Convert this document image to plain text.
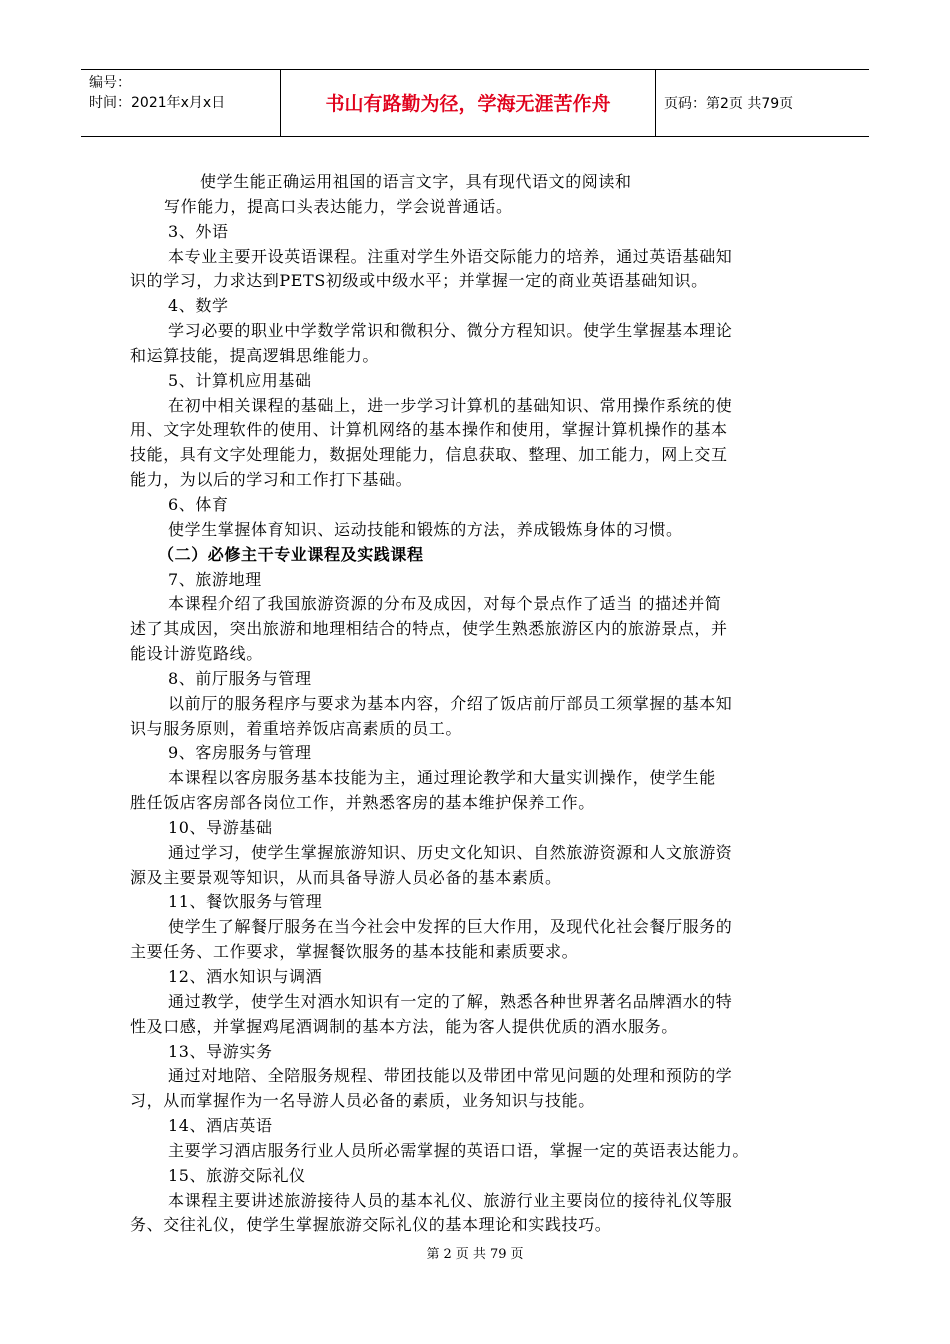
编号：
时间：2021年x月x日	书山有路勤为径，学海无涯苦作舟	页码：第2页 共79页

使学生能正确运用祖国的语言文字，具有现代语文的阅读和

写作能力，提高口头表达能力，学会说普通话。

3、外语

本专业主要开设英语课程。注重对学生外语交际能力的培养，通过英语基础知

识的学习，力求达到PETS初级或中级水平；并掌握一定的商业英语基础知识。

4、数学

学习必要的职业中学数学常识和微积分、微分方程知识。使学生掌握基本理论

和运算技能，提高逻辑思维能力。

5、计算机应用基础

在初中相关课程的基础上，进一步学习计算机的基础知识、常用操作系统的使

用、文字处理软件的使用、计算机网络的基本操作和使用，掌握计算机操作的基本

技能，具有文字处理能力，数据处理能力，信息获取、整理、加工能力，网上交互

能力，为以后的学习和工作打下基础。

6、体育

使学生掌握体育知识、运动技能和锻炼的方法，养成锻炼身体的习惯。

（二）必修主干专业课程及实践课程

7、旅游地理

本课程介绍了我国旅游资源的分布及成因，对每个景点作了适当 的描述并简

述了其成因，突出旅游和地理相结合的特点，使学生熟悉旅游区内的旅游景点，并

能设计游览路线。

8、前厅服务与管理

以前厅的服务程序与要求为基本内容，介绍了饭店前厅部员工须掌握的基本知

识与服务原则，着重培养饭店高素质的员工。

9、客房服务与管理

本课程以客房服务基本技能为主，通过理论教学和大量实训操作，使学生能

胜任饭店客房部各岗位工作，并熟悉客房的基本维护保养工作。

10、导游基础

通过学习，使学生掌握旅游知识、历史文化知识、自然旅游资源和人文旅游资

源及主要景观等知识，从而具备导游人员必备的基本素质。

11、餐饮服务与管理

使学生了解餐厅服务在当今社会中发挥的巨大作用，及现代化社会餐厅服务的

主要任务、工作要求，掌握餐饮服务的基本技能和素质要求。

12、酒水知识与调酒

通过教学，使学生对酒水知识有一定的了解，熟悉各种世界著名品牌酒水的特

性及口感，并掌握鸡尾酒调制的基本方法，能为客人提供优质的酒水服务。

13、导游实务

通过对地陪、全陪服务规程、带团技能以及带团中常见问题的处理和预防的学

习，从而掌握作为一名导游人员必备的素质，业务知识与技能。

14、酒店英语

主要学习酒店服务行业人员所必需掌握的英语口语，掌握一定的英语表达能力。

15、旅游交际礼仪

本课程主要讲述旅游接待人员的基本礼仪、旅游行业主要岗位的接待礼仪等服

务、交往礼仪，使学生掌握旅游交际礼仪的基本理论和实践技巧。

第 2 页 共 79 页
